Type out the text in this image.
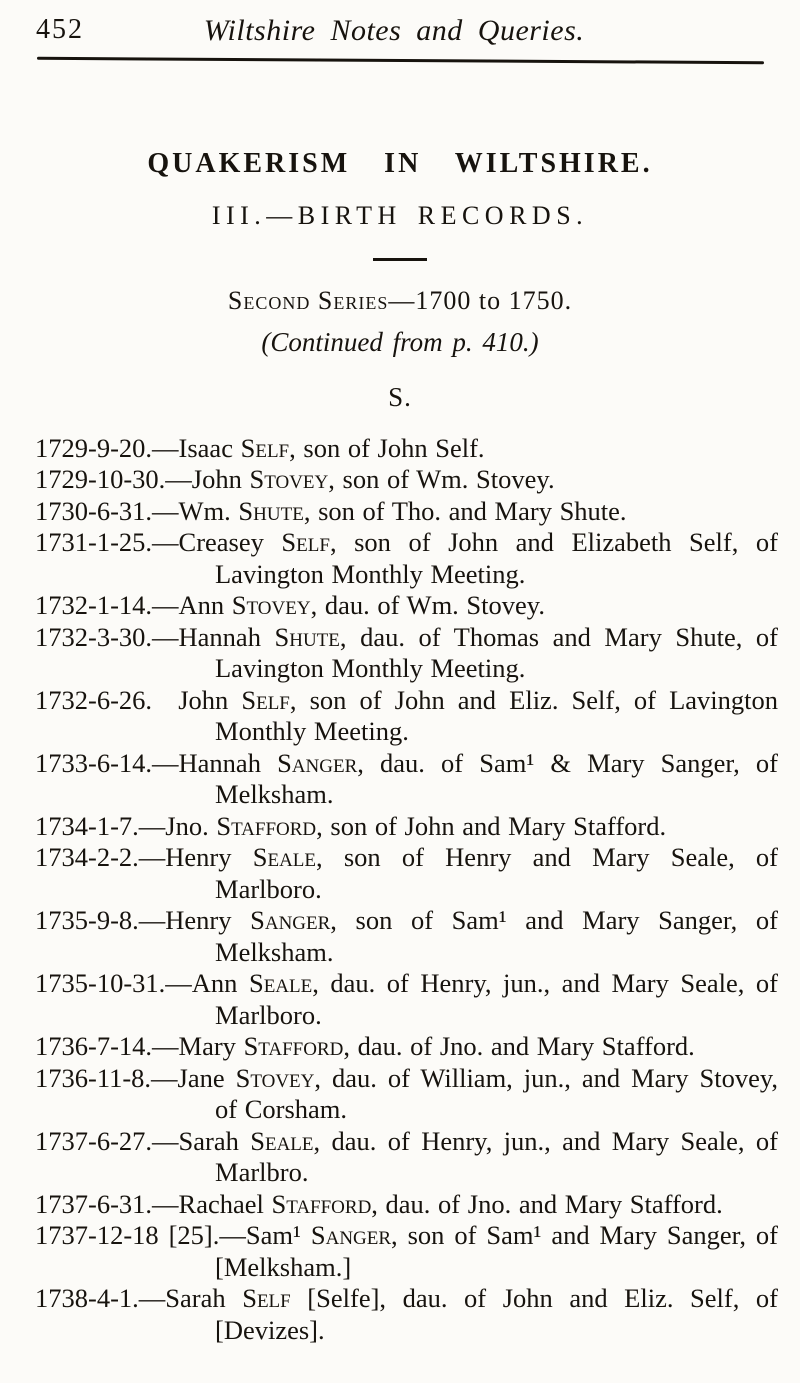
452	Wiltshire Notes and Queries.
QUAKERISM IN WILTSHIRE.
III.—BIRTH RECORDS.
Second Series—1700 to 1750.
(Continued from p. 410.)
S.

1729-9-20.—Isaac Self, son of John Self.

1729-10-30.—John Stovey, son of Wm. Stovey.

1730-6-31.—Wm. Shute, son of Tho. and Mary Shute.

1731-1-25.—Creasey Self, son of John and Elizabeth Self, of Lavington Monthly Meeting.

1732-1-14.—Ann Stovey, dau. of Wm. Stovey.

1732-3-30.—Hannah Shute, dau. of Thomas and Mary Shute, of Lavington Monthly Meeting.

1732-6-26. John Self, son of John and Eliz. Self, of Lavington Monthly Meeting.

1733-6-14.—Hannah Sanger, dau. of Sam¹ & Mary Sanger, of Melksham.

1734-1-7.—Jno. Stafford, son of John and Mary Stafford.

1734-2-2.—Henry Seale, son of Henry and Mary Seale, of Marlboro.

1735-9-8.—Henry Sanger, son of Sam¹ and Mary Sanger, of Melksham.

1735-10-31.—Ann Seale, dau. of Henry, jun., and Mary Seale, of Marlboro.

1736-7-14.—Mary Stafford, dau. of Jno. and Mary Stafford.

1736-11-8.—Jane Stovey, dau. of William, jun., and Mary Stovey, of Corsham.

1737-6-27.—Sarah Seale, dau. of Henry, jun., and Mary Seale, of Marlbro.

1737-6-31.—Rachael Stafford, dau. of Jno. and Mary Stafford.

1737-12-18 [25].—Sam¹ Sanger, son of Sam¹ and Mary Sanger, of [Melksham.]

1738-4-1.—Sarah Self [Selfe], dau. of John and Eliz. Self, of [Devizes].
